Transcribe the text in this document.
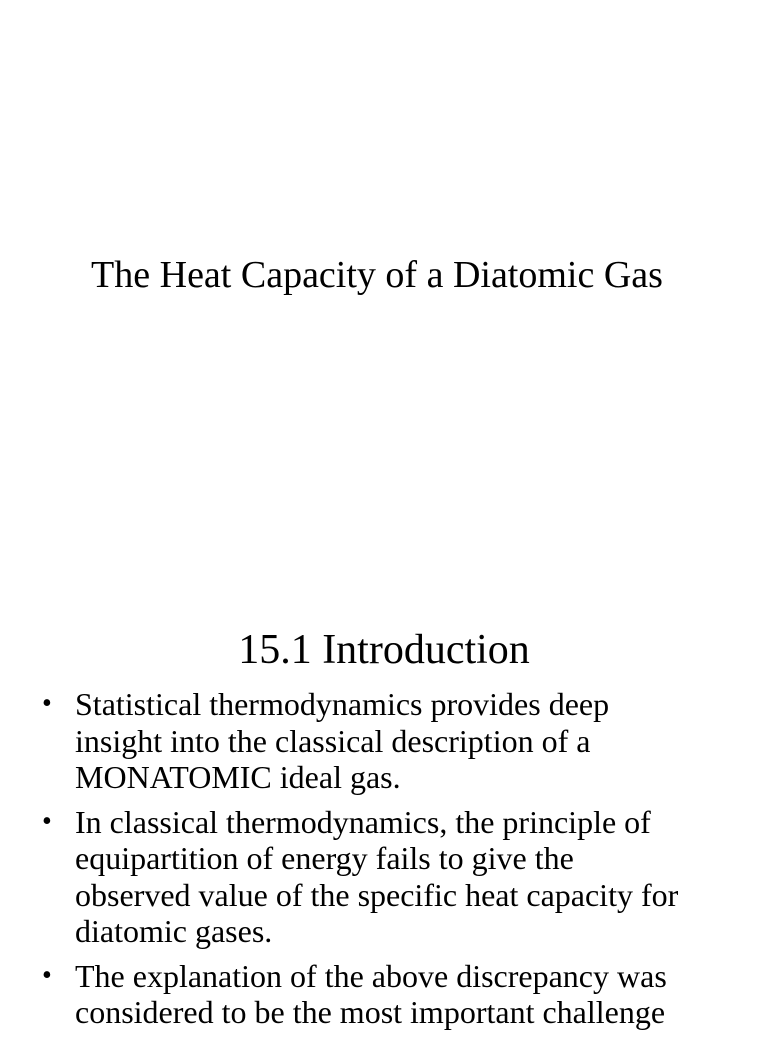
The Heat Capacity of a Diatomic Gas
15.1 Introduction
• Statistical thermodynamics provides deep
insight into the classical description of a
MONATOMIC ideal gas.
• In classical thermodynamics, the principle of
equipartition of energy fails to give the
observed value of the specific heat capacity for
diatomic gases.
• The explanation of the above discrepancy was
considered to be the most important challenge
